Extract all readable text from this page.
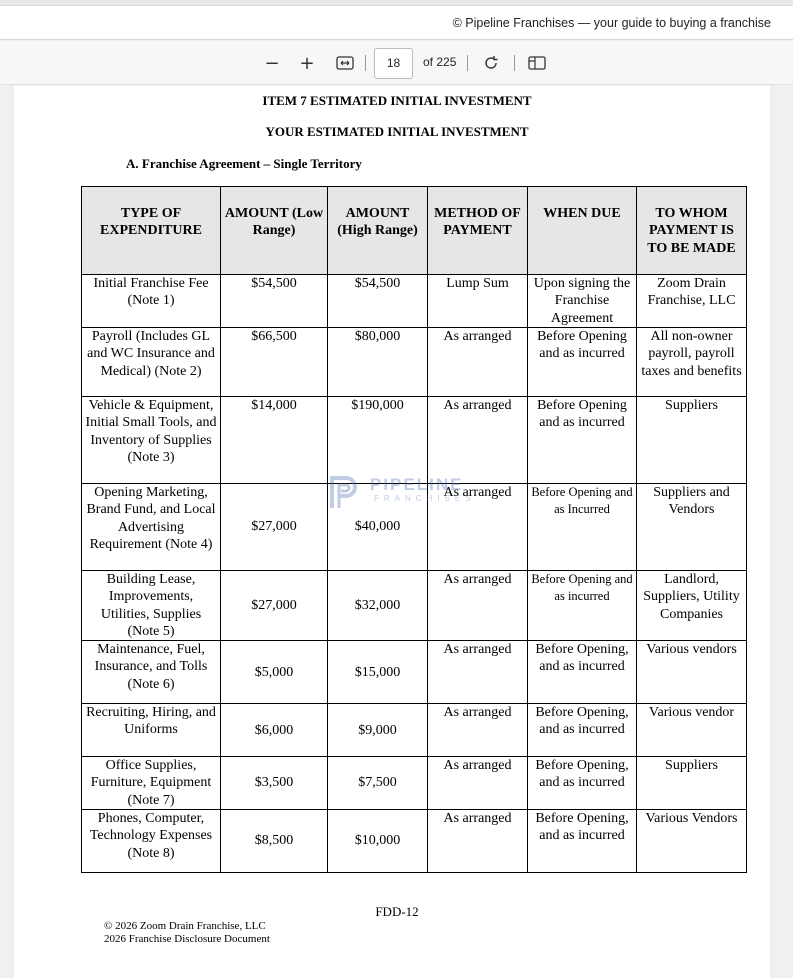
© Pipeline Franchises — your guide to buying a franchise
− +	18	of 225
ITEM 7 ESTIMATED INITIAL INVESTMENT
YOUR ESTIMATED INITIAL INVESTMENT
A. Franchise Agreement – Single Territory
TYPE OF EXPENDITURE	AMOUNT (Low Range)	AMOUNT (High Range)	METHOD OF PAYMENT	WHEN DUE	TO WHOM PAYMENT IS TO BE MADE
Initial Franchise Fee (Note 1)	$54,500	$54,500	Lump Sum	Upon signing the Franchise Agreement	Zoom Drain Franchise, LLC
Payroll (Includes GL and WC Insurance and Medical) (Note 2)	$66,500	$80,000	As arranged	Before Opening and as incurred	All non-owner payroll, payroll taxes and benefits
Vehicle & Equipment, Initial Small Tools, and Inventory of Supplies (Note 3)	$14,000	$190,000	As arranged	Before Opening and as incurred	Suppliers
Opening Marketing, Brand Fund, and Local Advertising Requirement (Note 4)	$27,000	$40,000	As arranged	Before Opening and as Incurred	Suppliers and Vendors
Building Lease, Improvements, Utilities, Supplies (Note 5)	$27,000	$32,000	As arranged	Before Opening and as incurred	Landlord, Suppliers, Utility Companies
Maintenance, Fuel, Insurance, and Tolls (Note 6)	$5,000	$15,000	As arranged	Before Opening, and as incurred	Various vendors
Recruiting, Hiring, and Uniforms	$6,000	$9,000	As arranged	Before Opening, and as incurred	Various vendor
Office Supplies, Furniture, Equipment (Note 7)	$3,500	$7,500	As arranged	Before Opening, and as incurred	Suppliers
Phones, Computer, Technology Expenses (Note 8)	$8,500	$10,000	As arranged	Before Opening, and as incurred	Various Vendors
PIPELINE
FRANCHISES
FDD-12
© 2026 Zoom Drain Franchise, LLC
2026 Franchise Disclosure Document
